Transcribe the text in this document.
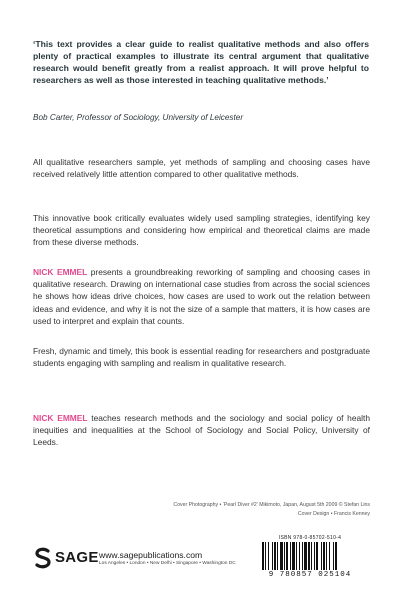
‘This text provides a clear guide to realist qualitative methods and also offers plenty of practical examples to illustrate its central argument that qualitative research would benefit greatly from a realist approach. It will prove helpful to researchers as well as those interested in teaching qualitative methods.’

Bob Carter, Professor of Sociology, University of Leicester

All qualitative researchers sample, yet methods of sampling and choosing cases have received relatively little attention compared to other qualitative methods.

This innovative book critically evaluates widely used sampling strategies, identifying key theoretical assumptions and considering how empirical and theoretical claims are made from these diverse methods.

NICK EMMEL presents a groundbreaking reworking of sampling and choosing cases in qualitative research. Drawing on international case studies from across the social sciences he shows how ideas drive choices, how cases are used to work out the relation between ideas and evidence, and why it is not the size of a sample that matters, it is how cases are used to interpret and explain that counts.

Fresh, dynamic and timely, this book is essential reading for researchers and postgraduate students engaging with sampling and realism in qualitative research.

NICK EMMEL teaches research methods and the sociology and social policy of health inequities and inequalities at the School of Sociology and Social Policy, University of Leeds.

Cover Photography • ‘Pearl Diver #2’ Mikimoto, Japan, August 5th 2009 © Stefan Lins
Cover Design • Francis Kenney
SAGE www.sagepublications.com
Los Angeles • London • New Delhi • Singapore • Washington DC
ISBN 978-0-85702-510-4
9 780857 025104
